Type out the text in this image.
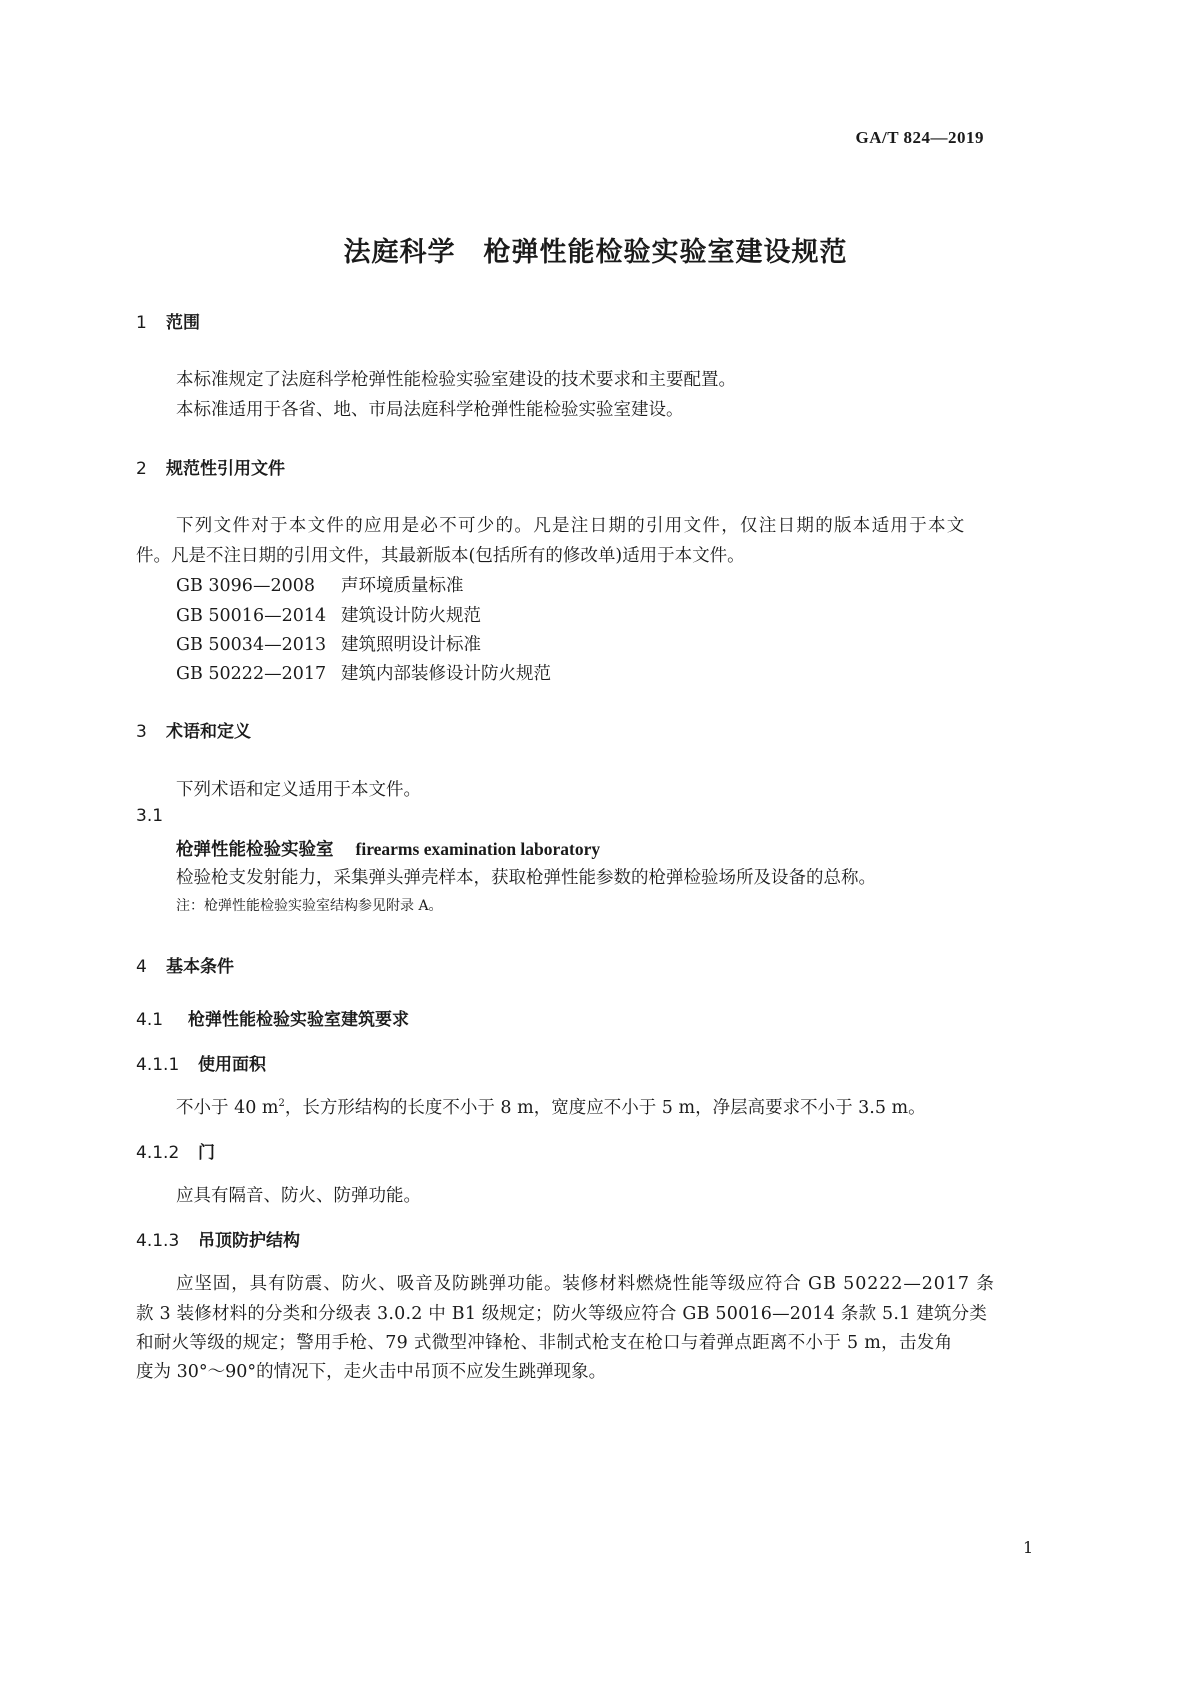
GA/T 824—2019
法庭科学　枪弹性能检验实验室建设规范
1 范围
本标准规定了法庭科学枪弹性能检验实验室建设的技术要求和主要配置。
本标准适用于各省、地、市局法庭科学枪弹性能检验实验室建设。
2 规范性引用文件
下列文件对于本文件的应用是必不可少的。凡是注日期的引用文件，仅注日期的版本适用于本文
件。凡是不注日期的引用文件，其最新版本(包括所有的修改单)适用于本文件。
GB 3096—2008 声环境质量标准
GB 50016—2014 建筑设计防火规范
GB 50034—2013 建筑照明设计标准
GB 50222—2017 建筑内部装修设计防火规范
3 术语和定义
下列术语和定义适用于本文件。
3.1
枪弹性能检验实验室 firearms examination laboratory
检验枪支发射能力，采集弹头弹壳样本，获取枪弹性能参数的枪弹检验场所及设备的总称。
注：枪弹性能检验实验室结构参见附录 A。
4 基本条件
4.1 枪弹性能检验实验室建筑要求
4.1.1 使用面积
不小于 40 $m^2$，长方形结构的长度不小于 8 m，宽度应不小于 5 m，净层高要求不小于 3.5 m。
4.1.2 门
应具有隔音、防火、防弹功能。
4.1.3 吊顶防护结构
应坚固，具有防震、防火、吸音及防跳弹功能。装修材料燃烧性能等级应符合 GB 50222—2017 条
款 3 装修材料的分类和分级表 3.0.2 中 B1 级规定；防火等级应符合 GB 50016—2014 条款 5.1 建筑分类
和耐火等级的规定；警用手枪、79 式微型冲锋枪、非制式枪支在枪口与着弹点距离不小于 5 m，击发角
度为 30°～90°的情况下，走火击中吊顶不应发生跳弹现象。
1
